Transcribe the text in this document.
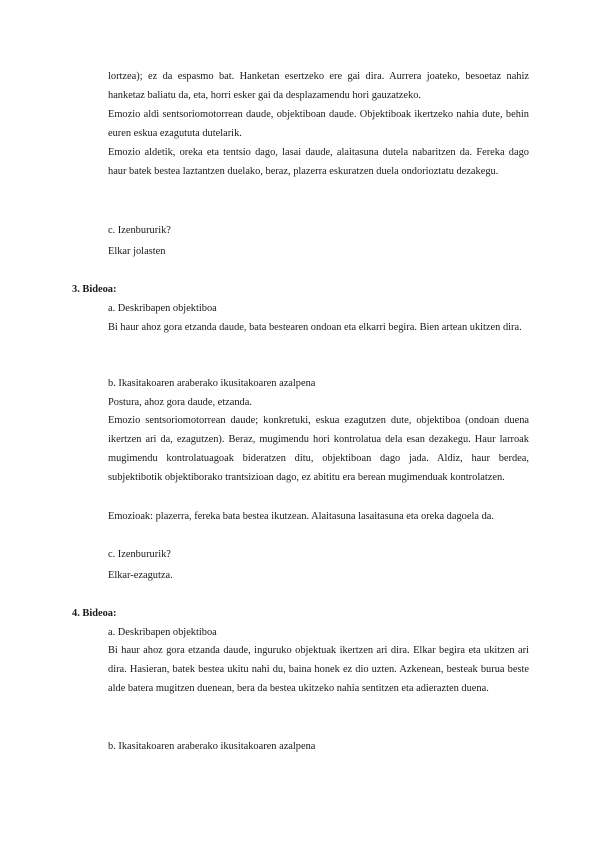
lortzea); ez da espasmo bat. Hanketan esertzeko ere gai dira. Aurrera joateko, besoetaz nahiz hanketaz baliatu da, eta, horri esker gai da desplazamendu hori gauzatzeko.

Emozio aldi sentsoriomotorrean daude, objektiboan daude. Objektiboak ikertzeko nahia dute, behin euren eskua ezagututa dutelarik.

Emozio aldetik, oreka eta tentsio dago, lasai daude, alaitasuna dutela nabaritzen da. Fereka dago haur batek bestea laztantzen duelako, beraz, plazerra eskuratzen duela ondorioztatu dezakegu.

c. Izenbururik?
Elkar jolasten
3. Bideoa:
a. Deskribapen objektiboa

Bi haur ahoz gora etzanda daude, bata bestearen ondoan eta elkarri begira. Bien artean ukitzen dira.

b. Ikasitakoaren araberako ikusitakoaren azalpena
Postura, ahoz gora daude, etzanda.

Emozio sentsoriomotorrean daude; konkretuki, eskua ezagutzen dute, objektiboa (ondoan duena ikertzen ari da, ezagutzen). Beraz, mugimendu hori kontrolatua dela esan dezakegu. Haur larroak mugimendu kontrolatuagoak bideratzen ditu, objektiboan dago jada. Aldiz, haur berdea, subjektibotik objektiborako trantsizioan dago, ez abititu era berean mugimenduak kontrolatzen.

Emozioak: plazerra, fereka bata bestea ikutzean. Alaitasuna lasaitasuna eta oreka dagoela da.
c. Izenbururik?
Elkar-ezagutza.
4. Bideoa:
a. Deskribapen objektiboa

Bi haur ahoz gora etzanda daude, inguruko objektuak ikertzen ari dira. Elkar begira eta ukitzen ari dira. Hasieran, batek bestea ukitu nahi du, baina honek ez dio uzten. Azkenean, besteak burua beste alde batera mugitzen duenean, bera da bestea ukitzeko nahia sentitzen eta adierazten duena.

b. Ikasitakoaren araberako ikusitakoaren azalpena
